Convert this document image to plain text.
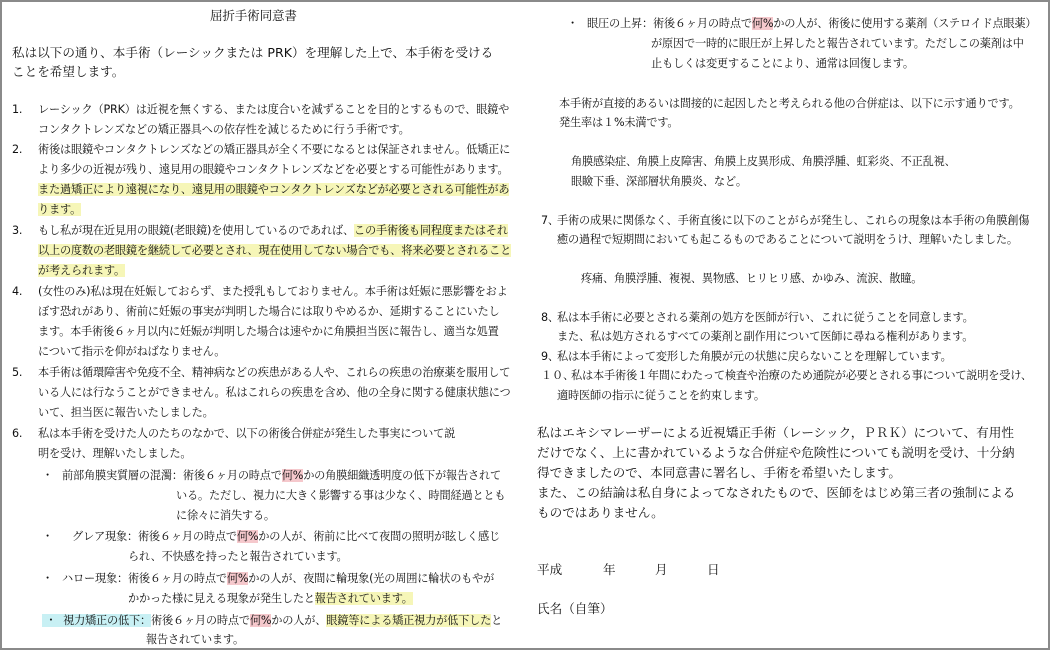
屈折手術同意書
私は以下の通り、本手術（レーシックまたは PRK）を理解した上で、本手術を受ける
ことを希望します。
1. レーシック（PRK）は近視を無くする、または度合いを減ずることを目的とするもので、眼鏡や
コンタクトレンズなどの矯正器具への依存性を減じるために行う手術です。
2. 術後は眼鏡やコンタクトレンズなどの矯正器具が全く不要になるとは保証されません。低矯正に
より多少の近視が残り、遠見用の眼鏡やコンタクトレンズなどを必要とする可能性があります。
また過矯正により遠視になり、遠見用の眼鏡やコンタクトレンズなどが必要とされる可能性があ
ります。
3. もし私が現在近見用の眼鏡(老眼鏡)を使用しているのであれば、この手術後も同程度またはそれ
以上の度数の老眼鏡を継続して必要とされ、現在使用してない場合でも、将来必要とされること
が考えられます。
4. (女性のみ)私は現在妊娠しておらず、また授乳もしておりません。本手術は妊娠に悪影響をおよ
ぼす恐れがあり、術前に妊娠の事実が判明した場合には取りやめるか、延期することにいたし
ます。本手術後６ヶ月以内に妊娠が判明した場合は速やかに角膜担当医に報告し、適当な処置
について指示を仰がねばなりません。
5. 本手術は循環障害や免疫不全、精神病などの疾患がある人や、これらの疾患の治療薬を服用して
いる人には行なうことができません。私はこれらの疾患を含め、他の全身に関する健康状態につ
いて、担当医に報告いたしました。
6. 私は本手術を受けた人のたちのなかで、以下の術後合併症が発生した事実について説
明を受け、理解いたしました。
・ 前部角膜実質層の混濁：術後６ヶ月の時点で何%かの角膜細織透明度の低下が報告されて
いる。ただし、視力に大きく影響する事は少なく、時間経過ととも
に徐々に消失する。
・ グレア現象：術後６ヶ月の時点で何%かの人が、術前に比べて夜間の照明が眩しく感じ
られ、不快感を持ったと報告されています。
・ ハロー現象：術後６ヶ月の時点で何%かの人が、夜間に輪現象(光の周囲に輪状のもやが
かかった様に見える現象が発生したと報告されています。
・ 視力矯正の低下：術後６ヶ月の時点で何%かの人が、眼鏡等による矯正視力が低下したと
報告されています。
・ 眼圧の上昇：術後６ヶ月の時点で何%かの人が、術後に使用する薬剤（ステロイド点眼薬）
が原因で一時的に眼圧が上昇したと報告されています。ただしこの薬剤は中
止もしくは変更することにより、通常は回復します。
本手術が直接的あるいは間接的に起因したと考えられる他の合併症は、以下に示す通りです。
発生率は１%未満です。
角膜感染症、角膜上皮障害、角膜上皮異形成、角膜浮腫、虹彩炎、不正乱視、
眼瞼下垂、深部層状角膜炎、など。
7、
手術の成果に関係なく、手術直後に以下のことがらが発生し、これらの現象は本手術の角膜創傷
癒の過程で短期間においても起こるものであることについて説明をうけ、理解いたしました。
疼痛、角膜浮腫、複視、異物感、ヒリヒリ感、かゆみ、流涙、散瞳。
8、
私は本手術に必要とされる薬剤の処方を医師が行い、これに従うことを同意します。
また、私は処方されるすべての薬剤と副作用について医師に尋ねる権利があります。
9、
私は本手術によって変形した角膜が元の状態に戻らないことを理解しています。
１０、
私は本手術後１年間にわたって検査や治療のため通院が必要とされる事について説明を受け、
適時医師の指示に従うことを約束します。
私はエキシマレーザーによる近視矯正手術（レーシック，ＰＲＫ）について、有用性
だけでなく、上に書かれているような合併症や危険性についても説明を受け、十分納
得できましたので、本同意書に署名し、手術を希望いたします。
また、この結論は私自身によってなされたもので、医師をはじめ第三者の強制による
ものではありません。
平成	年	月	日
氏名（自筆）
